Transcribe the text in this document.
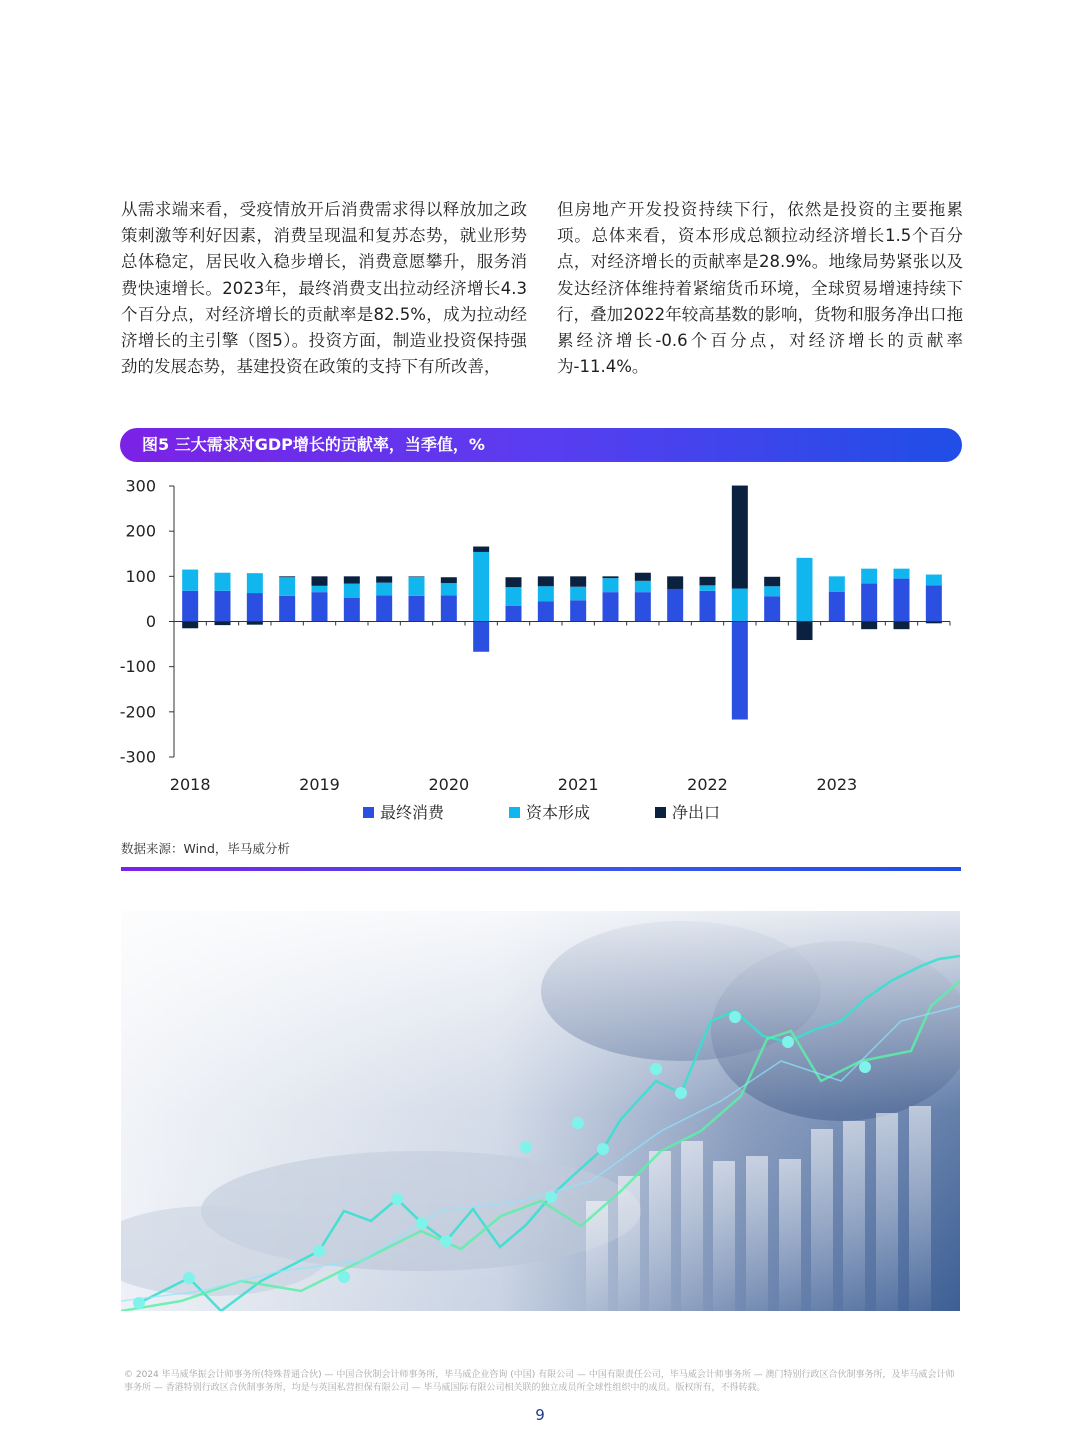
从需求端来看，受疫情放开后消费需求得以释放加之政策刺激等利好因素，消费呈现温和复苏态势，就业形势总体稳定，居民收入稳步增长，消费意愿攀升，服务消费快速增长。2023年，最终消费支出拉动经济增长4.3个百分点，对经济增长的贡献率是82.5%，成为拉动经济增长的主引擎（图5）。投资方面，制造业投资保持强劲的发展态势，基建投资在政策的支持下有所改善，
但房地产开发投资持续下行，依然是投资的主要拖累项。总体来看，资本形成总额拉动经济增长1.5个百分点，对经济增长的贡献率是28.9%。地缘局势紧张以及发达经济体维持着紧缩货币环境，全球贸易增速持续下行，叠加2022年较高基数的影响，货物和服务净出口拖累经济增长-0.6个百分点，对经济增长的贡献率为-11.4%。
图5 三大需求对GDP增长的贡献率，当季值，%
300
200
100
0
-100
-200
-300
2018	2019	2020	2021	2022	2023
最终消费	资本形成	净出口
数据来源：Wind，毕马威分析
© 2024 毕马威华振会计师事务所(特殊普通合伙) — 中国合伙制会计师事务所，毕马威企业咨询 (中国) 有限公司 — 中国有限责任公司，毕马威会计师事务所 — 澳门特别行政区合伙制事务所，及毕马威会计师事务所 — 香港特别行政区合伙制事务所，均是与英国私营担保有限公司 — 毕马威国际有限公司相关联的独立成员所全球性组织中的成员。版权所有，不得转载。
9
